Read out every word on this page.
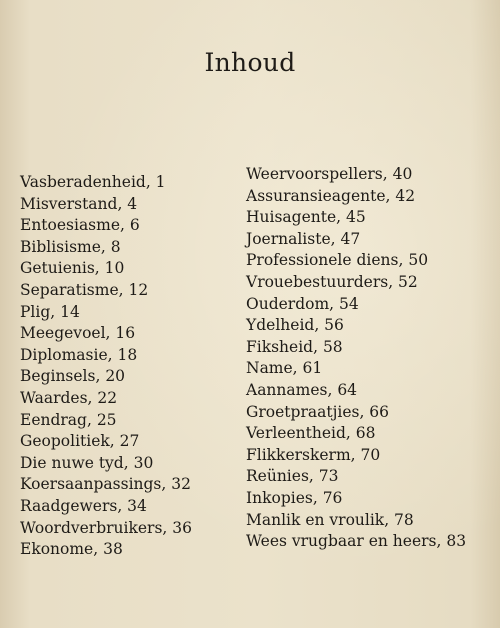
Inhoud
Vasberadenheid, 1
Misverstand, 4
Entoesiasme, 6
Biblisisme, 8
Getuienis, 10
Separatisme, 12
Plig, 14
Meegevoel, 16
Diplomasie, 18
Beginsels, 20
Waardes, 22
Eendrag, 25
Geopolitiek, 27
Die nuwe tyd, 30
Koersaanpassings, 32
Raadgewers, 34
Woordverbruikers, 36
Ekonome, 38
Weervoorspellers, 40
Assuransieagente, 42
Huisagente, 45
Joernaliste, 47
Professionele diens, 50
Vrouebestuurders, 52
Ouderdom, 54
Ydelheid, 56
Fiksheid, 58
Name, 61
Aannames, 64
Groetpraatjies, 66
Verleentheid, 68
Flikkerskerm, 70
Reünies, 73
Inkopies, 76
Manlik en vroulik, 78
Wees vrugbaar en heers, 83
